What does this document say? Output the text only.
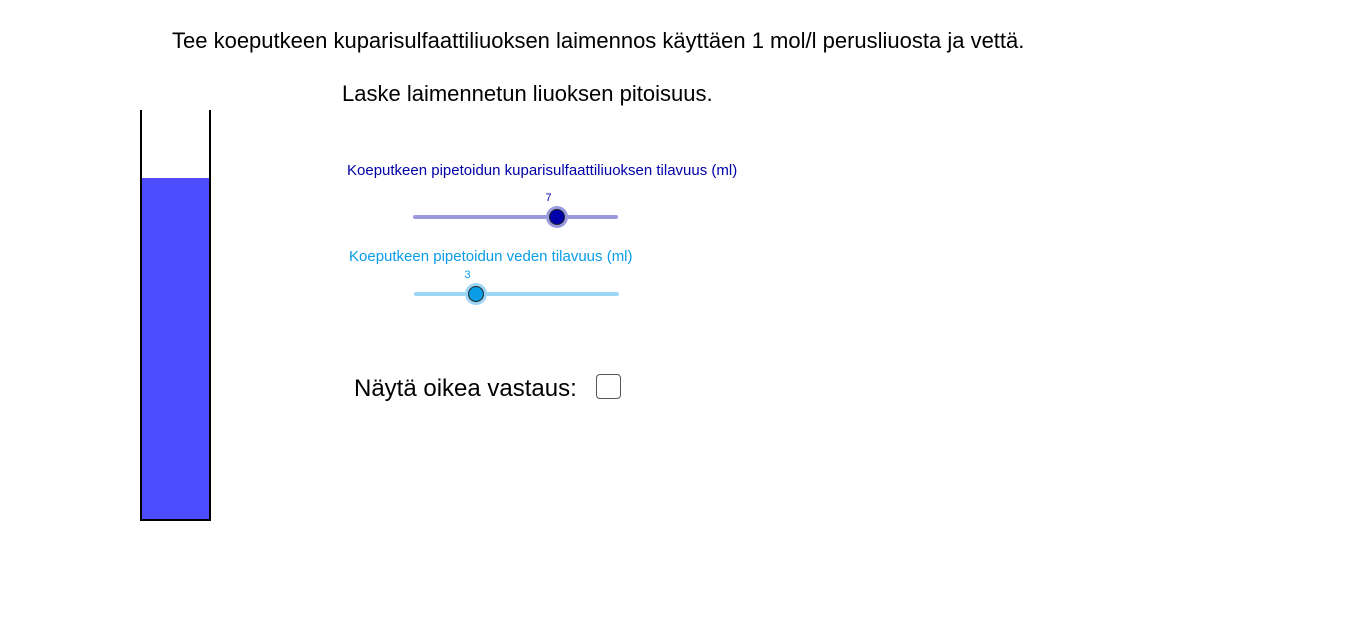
Tee koeputkeen kuparisulfaattiliuoksen laimennos käyttäen 1 mol/l perusliuosta ja vettä.
Laske laimennetun liuoksen pitoisuus.
Koeputkeen pipetoidun kuparisulfaattiliuoksen tilavuus (ml)
7
Koeputkeen pipetoidun veden tilavuus (ml)
3
Näytä oikea vastaus:
